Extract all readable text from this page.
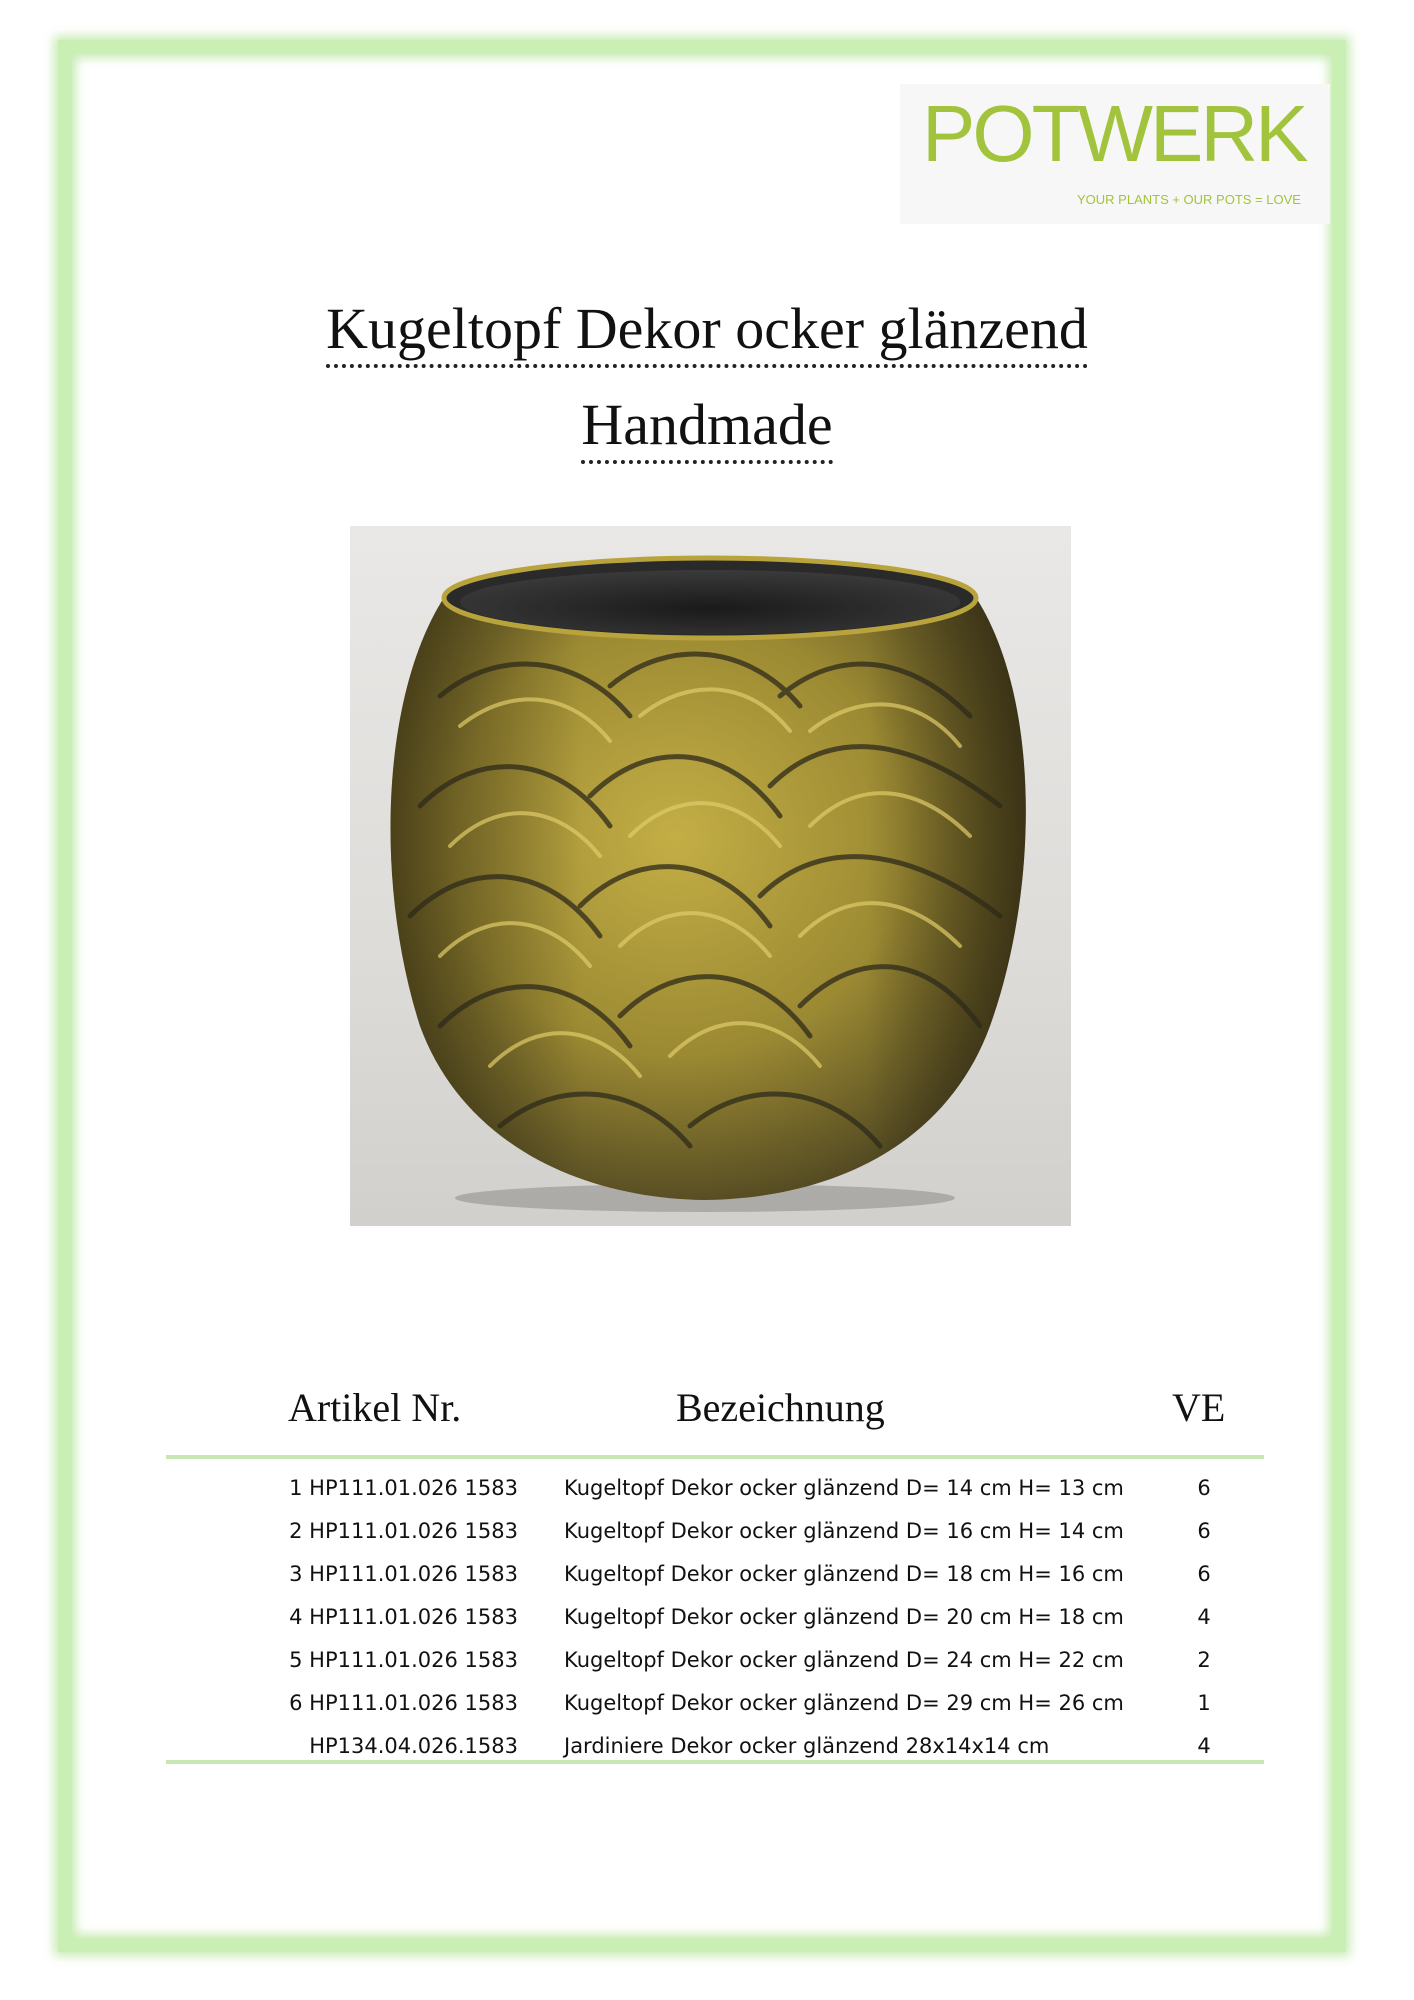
POTWERK
YOUR PLANTS + OUR POTS = LOVE
Kugeltopf Dekor ocker glänzend
Handmade
Artikel Nr.	Bezeichnung	VE
1 HP111.01.026 1583 Kugeltopf Dekor ocker glänzend D= 14 cm H= 13 cm	6
2 HP111.01.026 1583 Kugeltopf Dekor ocker glänzend D= 16 cm H= 14 cm	6
3 HP111.01.026 1583 Kugeltopf Dekor ocker glänzend D= 18 cm H= 16 cm	6
4 HP111.01.026 1583 Kugeltopf Dekor ocker glänzend D= 20 cm H= 18 cm	4
5 HP111.01.026 1583 Kugeltopf Dekor ocker glänzend D= 24 cm H= 22 cm	2
6 HP111.01.026 1583 Kugeltopf Dekor ocker glänzend D= 29 cm H= 26 cm	1
HP134.04.026.1583 Jardiniere Dekor ocker glänzend 28x14x14 cm	4
